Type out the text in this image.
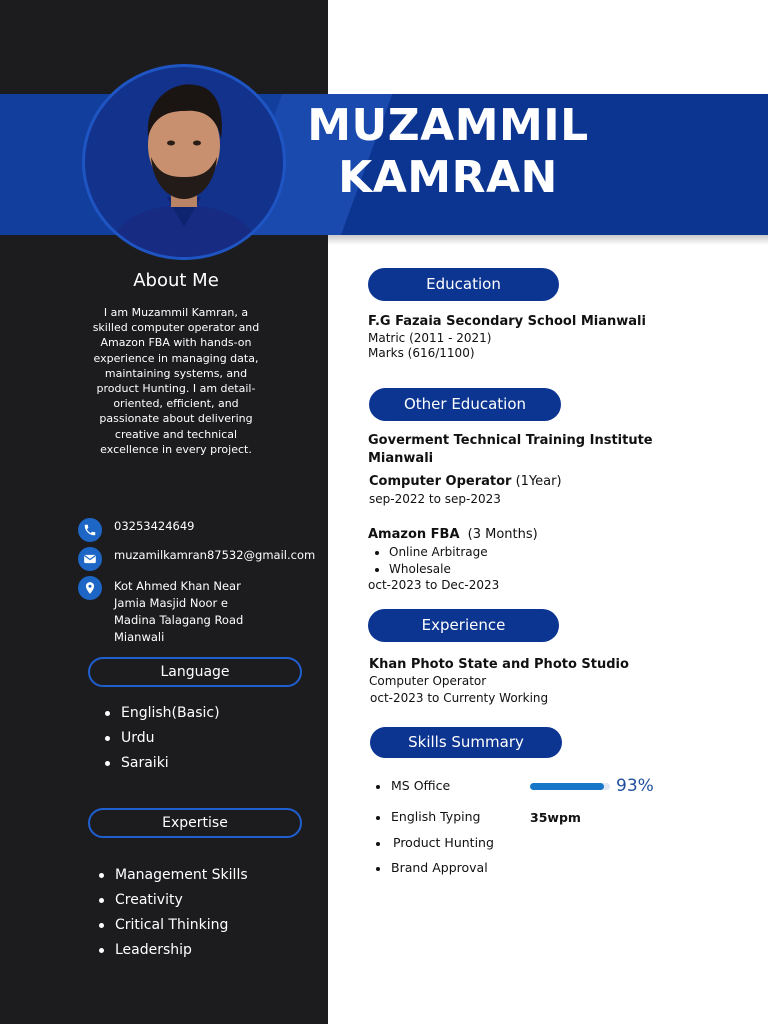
MUZAMMIL
KAMRAN
About Me
I am Muzammil Kamran, a skilled computer operator and Amazon FBA with hands-on experience in managing data, maintaining systems, and product Hunting. I am detail-oriented, efficient, and passionate about delivering creative and technical excellence in every project.
03253424649
muzamilkamran87532@gmail.com
Kot Ahmed Khan Near
Jamia Masjid Noor e
Madina Talagang Road
Mianwali
Language
English(Basic)
Urdu
Saraiki
Expertise
Management Skills
Creativity
Critical Thinking
Leadership
Education
F.G Fazaia Secondary School Mianwali
Matric (2011 - 2021)
Marks (616/1100)
Other Education
Goverment Technical Training Institute
Mianwali
Computer Operator (1Year)
sep-2022 to sep-2023
Amazon FBA (3 Months)
Online Arbitrage
Wholesale
oct-2023 to Dec-2023
Experience
Khan Photo State and Photo Studio
Computer Operator
oct-2023 to Currenty Working
Skills Summary
MS Office	93%
English Typing	35wpm
Product Hunting
Brand Approval
